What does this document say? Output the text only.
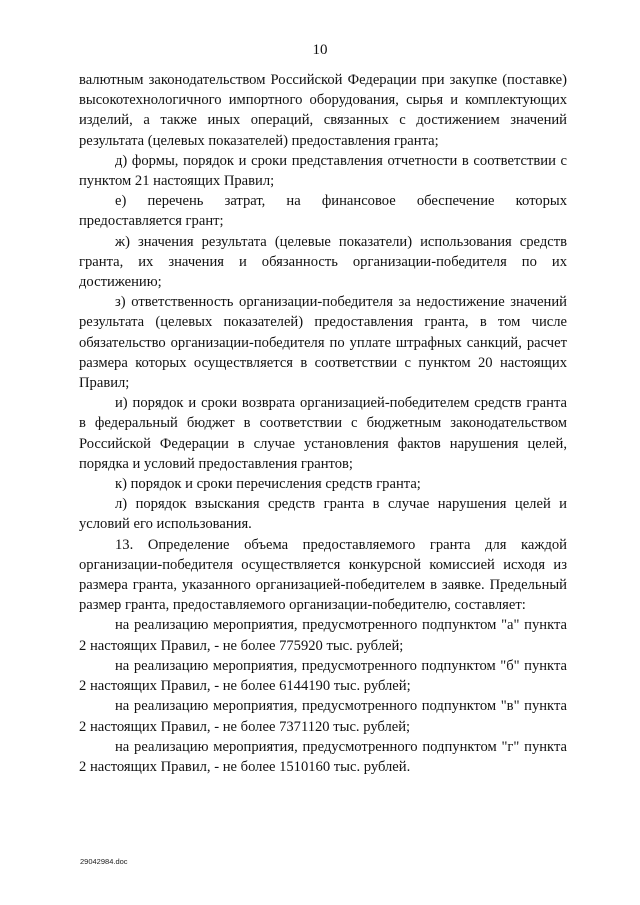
10

валютным законодательством Российской Федерации при закупке (поставке) высокотехнологичного импортного оборудования, сырья и комплектующих изделий, а также иных операций, связанных с достижением значений результата (целевых показателей) предоставления гранта;

д) формы, порядок и сроки представления отчетности в соответствии с пунктом 21 настоящих Правил;

е) перечень затрат, на финансовое обеспечение которых предоставляется грант;

ж) значения результата (целевые показатели) использования средств гранта, их значения и обязанность организации-победителя по их достижению;

з) ответственность организации-победителя за недостижение значений результата (целевых показателей) предоставления гранта, в том числе обязательство организации-победителя по уплате штрафных санкций, расчет размера которых осуществляется в соответствии с пунктом 20 настоящих Правил;

и) порядок и сроки возврата организацией-победителем средств гранта в федеральный бюджет в соответствии с бюджетным законодательством Российской Федерации в случае установления фактов нарушения целей, порядка и условий предоставления грантов;

к) порядок и сроки перечисления средств гранта;

л) порядок взыскания средств гранта в случае нарушения целей и условий его использования.

13. Определение объема предоставляемого гранта для каждой организации-победителя осуществляется конкурсной комиссией исходя из размера гранта, указанного организацией-победителем в заявке. Предельный размер гранта, предоставляемого организации-победителю, составляет:

на реализацию мероприятия, предусмотренного подпунктом "а" пункта 2 настоящих Правил, - не более 775920 тыс. рублей;

на реализацию мероприятия, предусмотренного подпунктом "б" пункта 2 настоящих Правил, - не более 6144190 тыс. рублей;

на реализацию мероприятия, предусмотренного подпунктом "в" пункта 2 настоящих Правил, - не более 7371120 тыс. рублей;

на реализацию мероприятия, предусмотренного подпунктом "г" пункта 2 настоящих Правил, - не более 1510160 тыс. рублей.

29042984.doc
